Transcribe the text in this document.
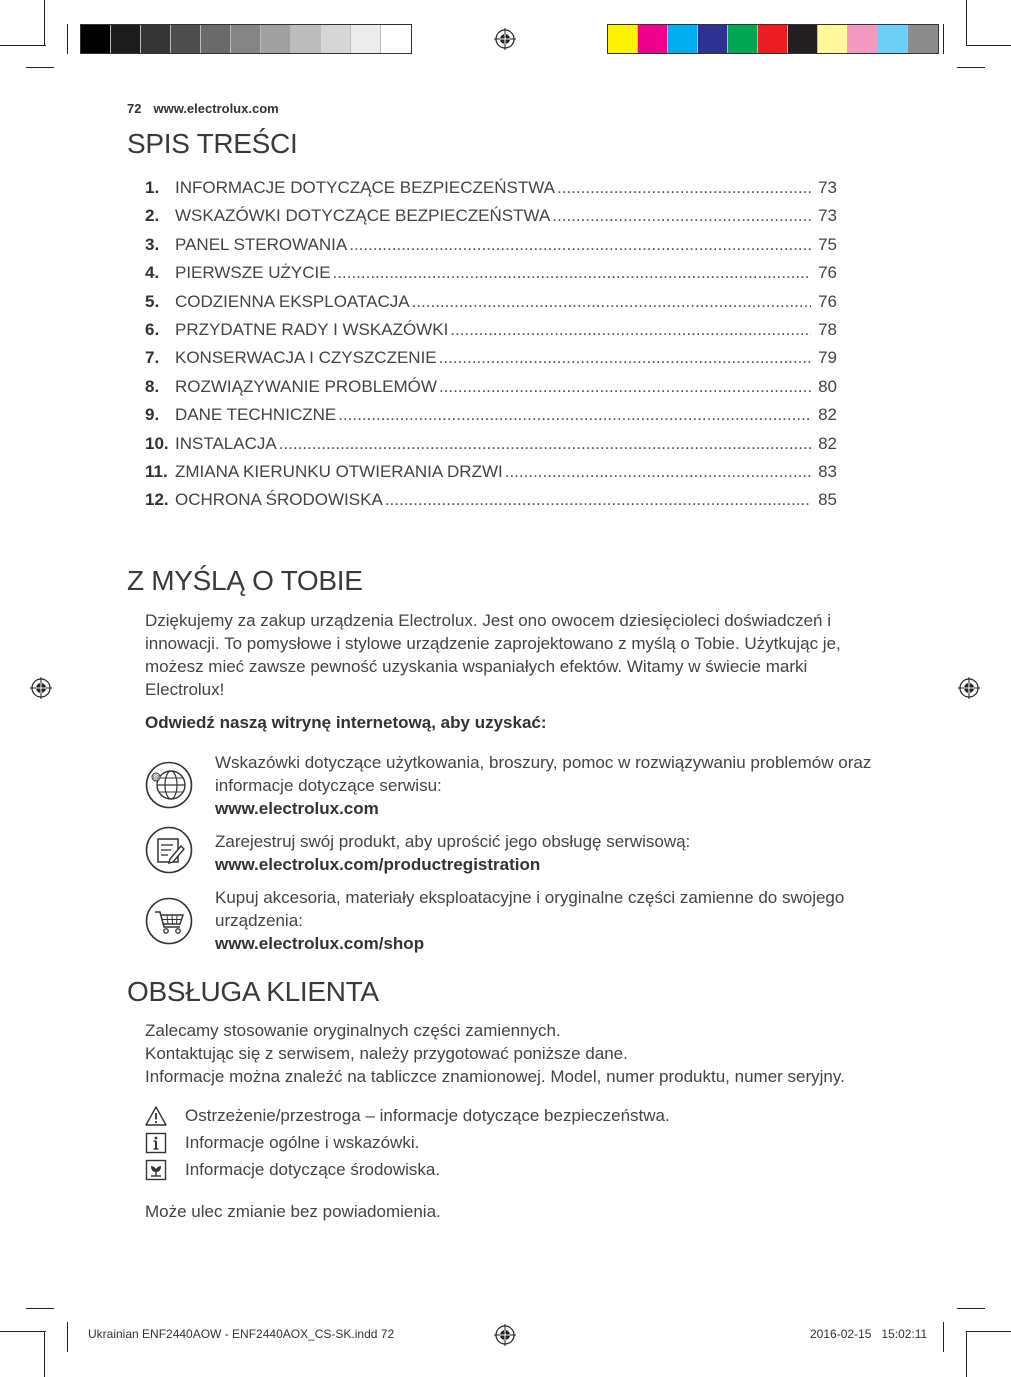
72 www.electrolux.com
SPIS TREŚCI
1. INFORMACJE DOTYCZĄCE BEZPIECZEŃSTWA .....	73
2. WSKAZÓWKI DOTYCZĄCE BEZPIECZEŃSTWA .....	73
3. PANEL STEROWANIA .....	75
4. PIERWSZE UŻYCIE .....	76
5. CODZIENNA EKSPLOATACJA .....	76
6. PRZYDATNE RADY I WSKAZÓWKI .....	78
7. KONSERWACJA I CZYSZCZENIE .....	79
8. ROZWIĄZYWANIE PROBLEMÓW .....	80
9. DANE TECHNICZNE .....	82
10. INSTALACJA .....	82
11. ZMIANA KIERUNKU OTWIERANIA DRZWI .....	83
12. OCHRONA ŚRODOWISKA .....	85
Z MYŚLĄ O TOBIE
Dziękujemy za zakup urządzenia Electrolux. Jest ono owocem dziesięcioleci doświadczeń i innowacji. To pomysłowe i stylowe urządzenie zaprojektowano z myślą o Tobie. Użytkując je, możesz mieć zawsze pewność uzyskania wspaniałych efektów. Witamy w świecie marki Electrolux!
Odwiedź naszą witrynę internetową, aby uzyskać:
@
Wskazówki dotyczące użytkowania, broszury, pomoc w rozwiązywaniu problemów oraz informacje dotyczące serwisu:
www.electrolux.com
Zarejestruj swój produkt, aby uprościć jego obsługę serwisową:
www.electrolux.com/productregistration
Kupuj akcesoria, materiały eksploatacyjne i oryginalne części zamienne do swojego urządzenia:
www.electrolux.com/shop
OBSŁUGA KLIENTA
Zalecamy stosowanie oryginalnych części zamiennych.
Kontaktując się z serwisem, należy przygotować poniższe dane.
Informacje można znaleźć na tabliczce znamionowej. Model, numer produktu, numer seryjny.
Ostrzeżenie/przestroga – informacje dotyczące bezpieczeństwa.
Informacje ogólne i wskazówki.
Informacje dotyczące środowiska.
Może ulec zmianie bez powiadomienia.
Ukrainian ENF2440AOW - ENF2440AOX_CS-SK.indd 72	2016-02-15 15:02:11
